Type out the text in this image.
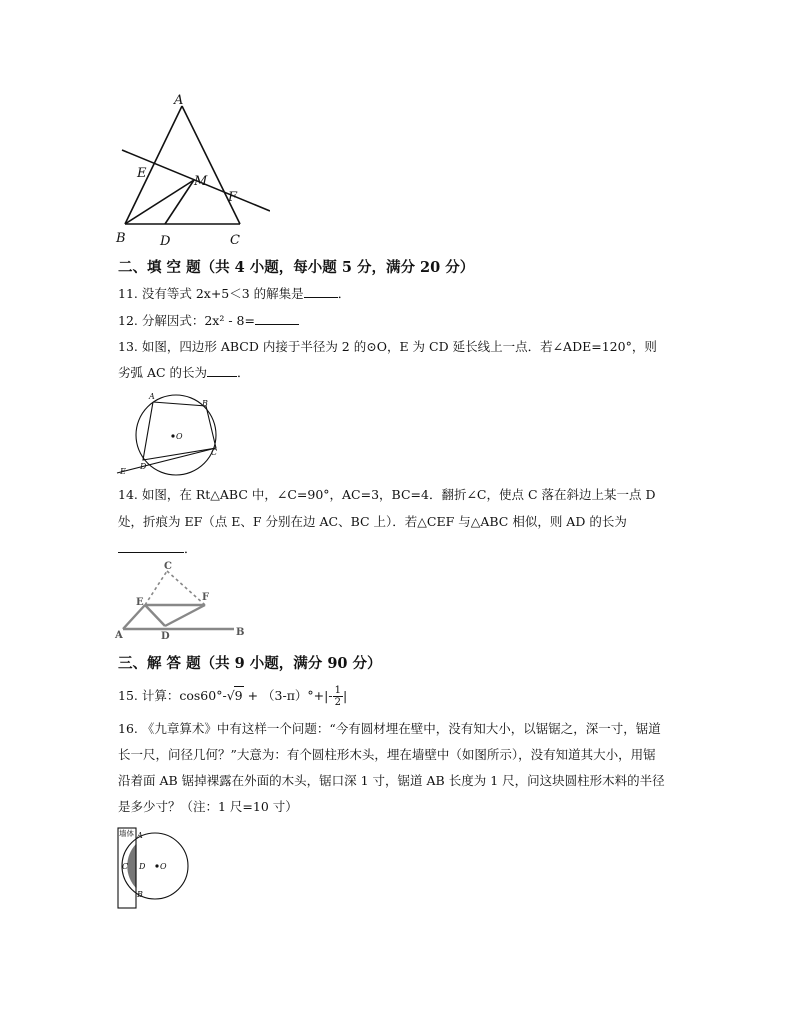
A
E
M
F
B	D	C
二、填 空 题（共 4 小题，每小题 5 分，满分 20 分）
11. 没有等式 2x+5＜3 的解集是	．
12. 分解因式：2x² - 8=
13. 如图，四边形 ABCD 内接于半径为 2 的⊙O，E 为 CD 延长线上一点．若∠ADE=120°，则
劣弧 AC 的长为 ．
A
B
C
D
E
O
14. 如图，在 Rt△ABC 中，∠C=90°，AC=3，BC=4．翻折∠C，使点 C 落在斜边上某一点 D
处，折痕为 EF（点 E、F 分别在边 AC、BC 上）．若△CEF 与△ABC 相似，则 AD 的长为
．
C
E	F
A	D	B
三、解 答 题（共 9 小题，满分 90 分）
15. 计算：$\cos 60^\circ-√9 + (3-\pi)^\circ+|- \frac{1}{2}$ |
16. 《九章算术》中有这样一个问题：“今有圆材埋在壁中，没有知大小，以锯锯之，深一寸，锯道长一尺，问径几何？”大意为：有个圆柱形木头，埋在墙壁中（如图所示），没有知道其大小，用锯沿着面 AB 锯掉裸露在外面的木头，锯口深 1 寸，锯道 AB 长度为 1 尺，问这块圆柱形木料的半径是多少寸？（注：1 尺=10 寸）
墙体 A
C D O
B
